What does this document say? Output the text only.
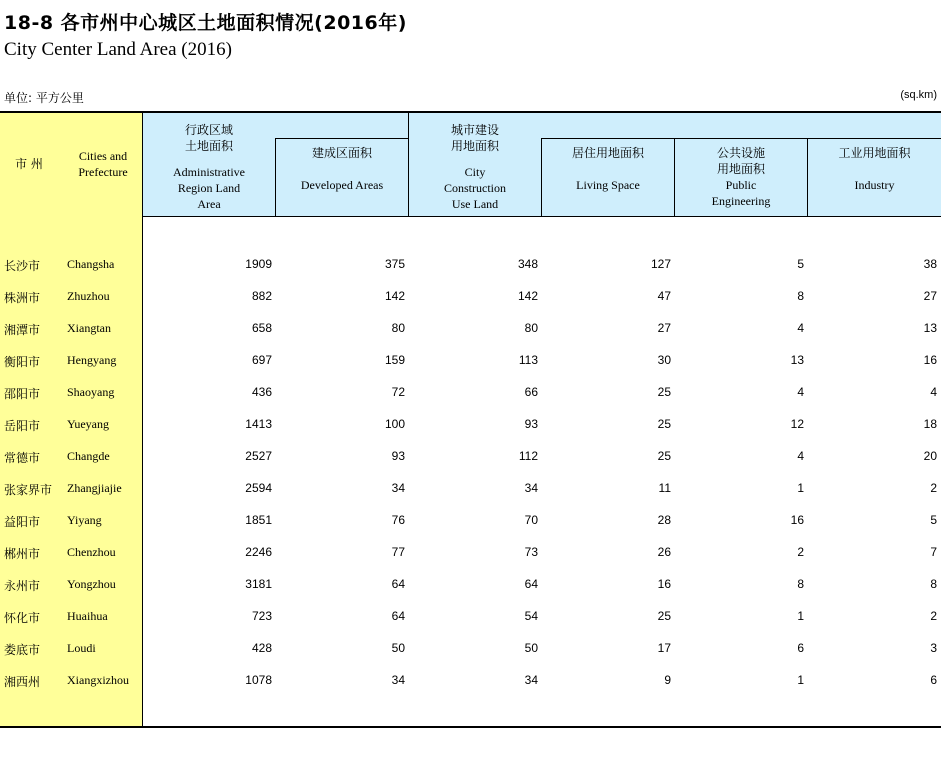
18-8 各市州中心城区土地面积情况(2016年)
City Center Land Area (2016)
单位: 平方公里	(sq.km)
市 州
Cities and
Prefecture
行政区域
土地面积
Administrative
Region Land
Area
建成区面积
Developed Areas
城市建设
用地面积
City
Construction
Use Land
居住用地面积
Living Space
公共设施
用地面积
Public
Engineering
工业用地面积
Industry
长沙市 Changsha	1909	375	348	127	5	38
株洲市 Zhuzhou	882	142	142	47	8	27
湘潭市 Xiangtan	658	80	80	27	4	13
衡阳市 Hengyang	697	159	113	30	13	16
邵阳市 Shaoyang	436	72	66	25	4	4
岳阳市 Yueyang	1413	100	93	25	12	18
常德市 Changde	2527	93	112	25	4	20
张家界市 Zhangjiajie	2594	34	34	11	1	2
益阳市 Yiyang	1851	76	70	28	16	5
郴州市 Chenzhou	2246	77	73	26	2	7
永州市 Yongzhou	3181	64	64	16	8	8
怀化市 Huaihua	723	64	54	25	1	2
娄底市 Loudi	428	50	50	17	6	3
湘西州 Xiangxizhou	1078	34	34	9	1	6
